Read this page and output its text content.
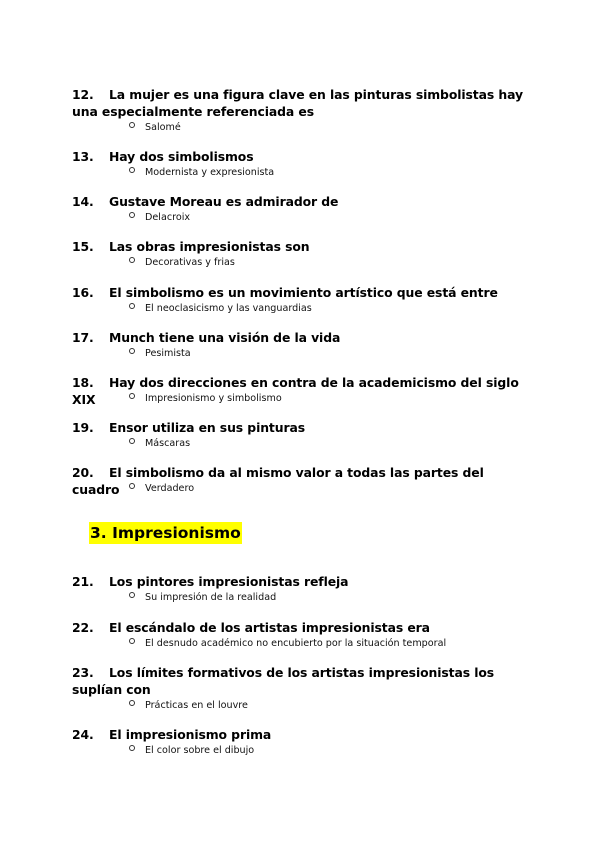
12. La mujer es una figura clave en las pinturas simbolistas hay una especialmente referenciada es
Salomé
13. Hay dos simbolismos
Modernista y expresionista
14. Gustave Moreau es admirador de
Delacroix
15. Las obras impresionistas son
Decorativas y frias
16. El simbolismo es un movimiento artístico que está entre
El neoclasicismo y las vanguardias
17. Munch tiene una visión de la vida
Pesimista
18. Hay dos direcciones en contra de la academicismo del siglo XIX	Impresionismo y simbolismo
19. Ensor utiliza en sus pinturas
Máscaras
20. El simbolismo da al mismo valor a todas las partes del cuadro	Verdadero
3. Impresionismo
21. Los pintores impresionistas refleja
Su impresión de la realidad
22. El escándalo de los artistas impresionistas era
El desnudo académico no encubierto por la situación temporal
23. Los límites formativos de los artistas impresionistas los suplían con
Prácticas en el louvre
24. El impresionismo prima
El color sobre el dibujo
